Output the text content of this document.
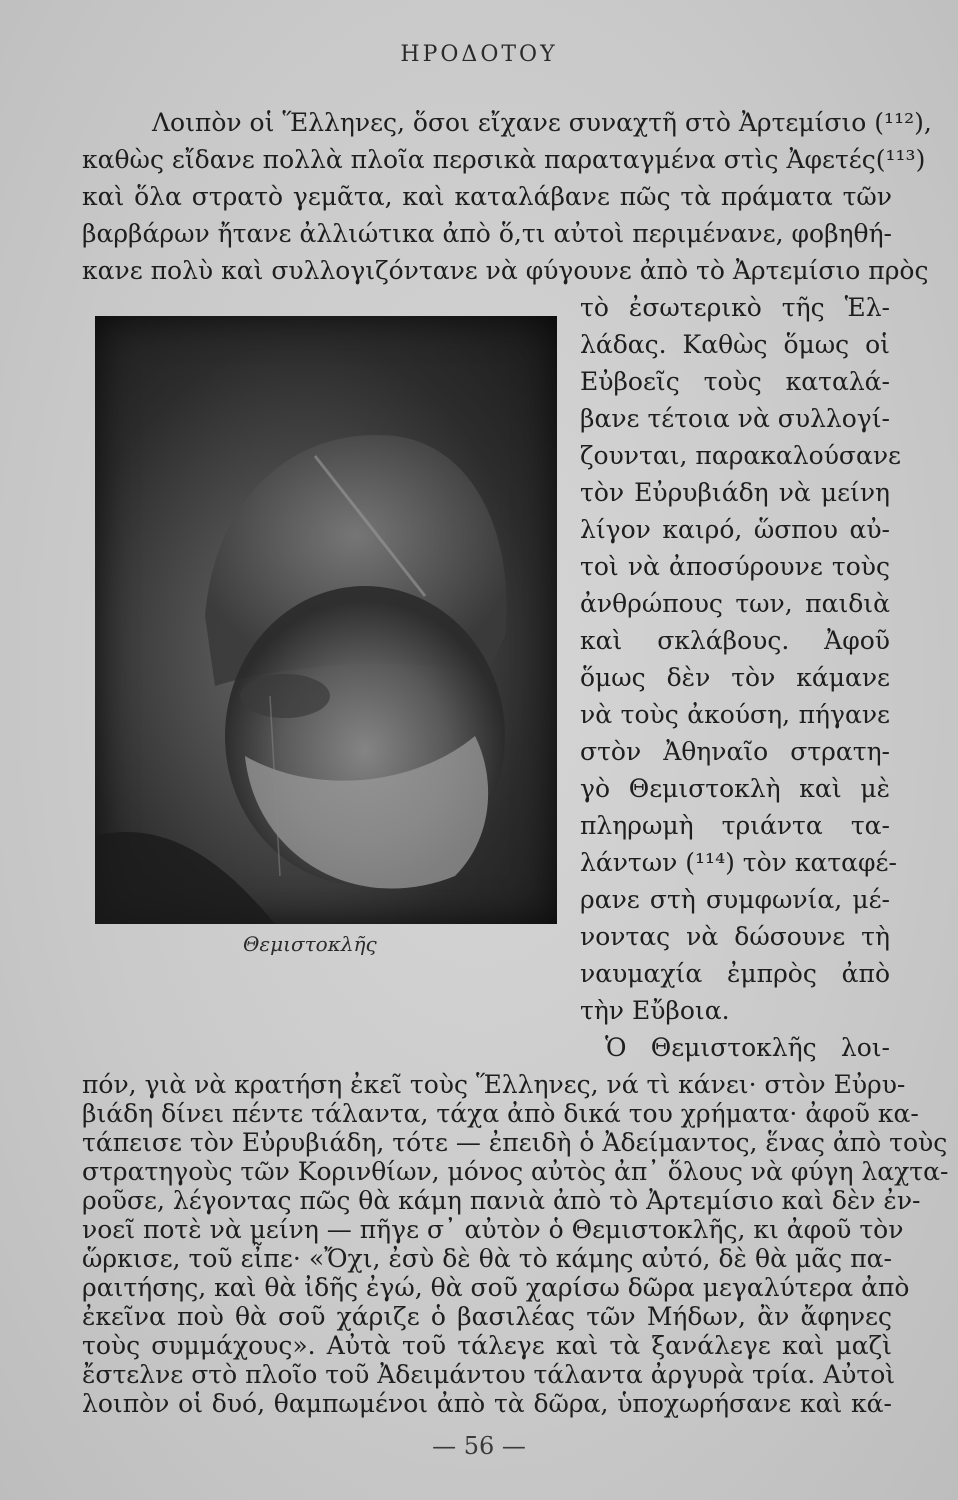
ΗΡΟΔΟΤΟΥ
Λοιπὸν οἱ Ἕλληνες, ὅσοι εἴχανε συναχτῆ στὸ Ἀρτεμίσιο (¹¹²),
καθὼς εἴδανε πολλὰ πλοῖα περσικὰ παραταγμένα στὶς Ἀφετές(¹¹³)
καὶ ὅλα στρατὸ γεμᾶτα, καὶ καταλάβανε πῶς τὰ πράματα τῶν
βαρβάρων ἤτανε ἀλλιώτικα ἀπὸ ὅ,τι αὐτοὶ περιμένανε, φοβηθή-
κανε πολὺ καὶ συλλογιζόντανε νὰ φύγουνε ἀπὸ τὸ Ἀρτεμίσιο πρὸς
τὸ ἐσωτερικὸ τῆς Ἑλ-
λάδας. Καθὼς ὅμως οἱ
Εὐβοεῖς τοὺς καταλά-
βανε τέτοια νὰ συλλογί-
ζουνται, παρακαλούσανε
τὸν Εὐρυβιάδη νὰ μείνη
λίγον καιρό, ὥσπου αὐ-
τοὶ νὰ ἀποσύρουνε τοὺς
ἀνθρώπους των, παιδιὰ
καὶ σκλάβους. Ἀφοῦ
ὅμως δὲν τὸν κάμανε
νὰ τοὺς ἀκούση, πήγανε
στὸν Ἀθηναῖο στρατη-
γὸ Θεμιστοκλὴ καὶ μὲ
πληρωμὴ τριάντα τα-
λάντων (¹¹⁴) τὸν καταφέ-
ρανε στὴ συμφωνία, μέ-
νοντας νὰ δώσουνε τὴ
ναυμαχία ἐμπρὸς ἀπὸ
τὴν Εὔβοια.
Θεμιστοκλῆς
Ὁ Θεμιστοκλῆς λοι-
πόν, γιὰ νὰ κρατήση ἐκεῖ τοὺς Ἕλληνες, νά τὶ κάνει· στὸν Εὐρυ-
βιάδη δίνει πέντε τάλαντα, τάχα ἀπὸ δικά του χρήματα· ἀφοῦ κα-
τάπεισε τὸν Εὐρυβιάδη, τότε — ἐπειδὴ ὁ Ἀδείμαντος, ἕνας ἀπὸ τοὺς
στρατηγοὺς τῶν Κορινθίων, μόνος αὐτὸς ἀπ᾿ ὅλους νὰ φύγη λαχτα-
ροῦσε, λέγοντας πῶς θὰ κάμη πανιὰ ἀπὸ τὸ Ἀρτεμίσιο καὶ δὲν ἐν-
νοεῖ ποτὲ νὰ μείνη — πῆγε σ᾿ αὐτὸν ὁ Θεμιστοκλῆς, κι ἀφοῦ τὸν
ὥρκισε, τοῦ εἶπε· «Ὄχι, ἐσὺ δὲ θὰ τὸ κάμης αὐτό, δὲ θὰ μᾶς πα-
ραιτήσης, καὶ θὰ ἰδῆς ἐγώ, θὰ σοῦ χαρίσω δῶρα μεγαλύτερα ἀπὸ
ἐκεῖνα ποὺ θὰ σοῦ χάριζε ὁ βασιλέας τῶν Μήδων, ἂν ἄφηνες
τοὺς συμμάχους». Αὐτὰ τοῦ τάλεγε καὶ τὰ ξανάλεγε καὶ μαζὶ
— 56 —
ἔστελνε στὸ πλοῖο τοῦ Ἀδειμάντου τάλαντα ἀργυρὰ τρία. Αὐτοὶ
λοιπὸν οἱ δυό, θαμπωμένοι ἀπὸ τὰ δῶρα, ὑποχωρήσανε καὶ κά-
